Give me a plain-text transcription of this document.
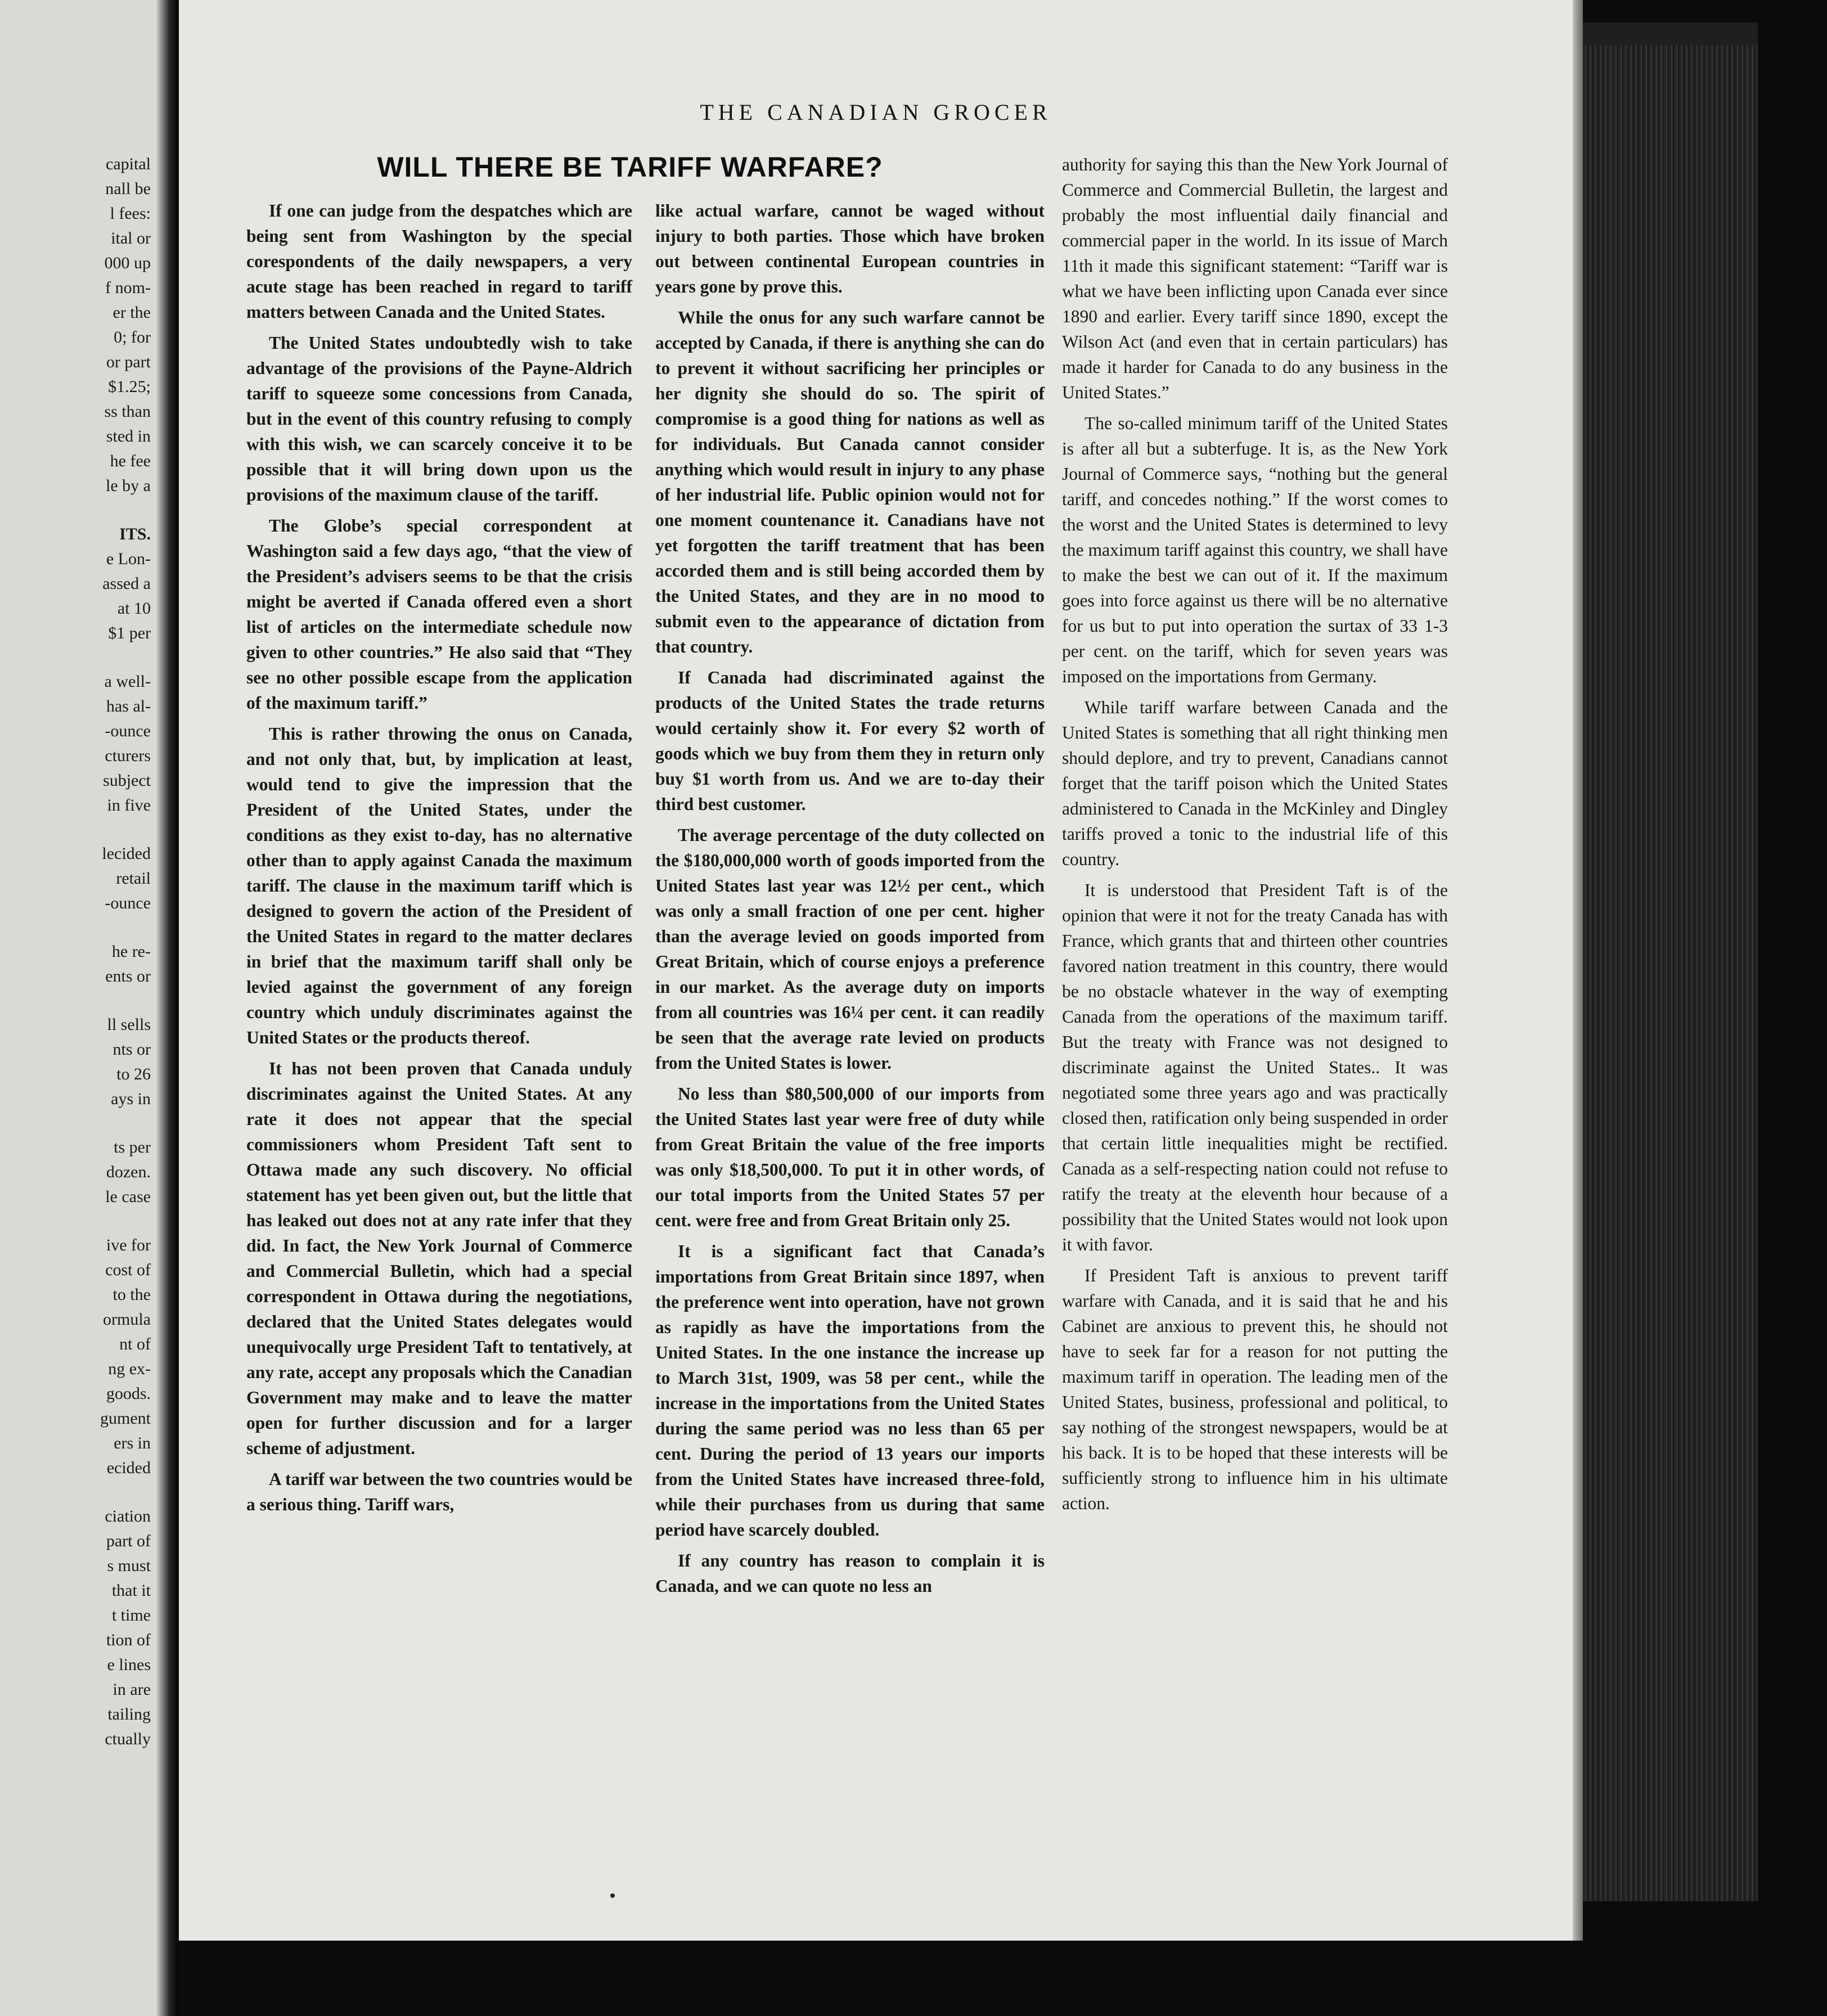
capital
nall be
l fees:
ital or
000 up
f nom-
er the
0; for
or part
$1.25;
ss than
sted in
he fee
le by a
ITS.
e Lon-
assed a
at 10
$1 per
a well-
has al-
-ounce
cturers
subject
in five
lecided
retail
-ounce
he re-
ents or
ll sells
nts or
to 26
ays in
ts per
dozen.
le case
ive for
cost of
to the
ormula
nt of
ng ex-
goods.
gument
ers in
ecided
ciation
part of
s must
that it
t time
tion of
e lines
in are
tailing
ctually
THE CANADIAN GROCER
WILL THERE BE TARIFF WARFARE?

If one can judge from the despatches which are being sent from Washington by the special corespondents of the daily newspapers, a very acute stage has been reached in regard to tariff matters between Canada and the United States.

The United States undoubtedly wish to take advantage of the provisions of the Payne-Aldrich tariff to squeeze some concessions from Canada, but in the event of this country refusing to comply with this wish, we can scarcely conceive it to be possible that it will bring down upon us the provisions of the maximum clause of the tariff.

The Globe’s special correspondent at Washington said a few days ago, “that the view of the President’s advisers seems to be that the crisis might be averted if Canada offered even a short list of articles on the intermediate schedule now given to other countries.” He also said that “They see no other possible escape from the application of the maximum tariff.”

This is rather throwing the onus on Canada, and not only that, but, by implication at least, would tend to give the impression that the President of the United States, under the conditions as they exist to-day, has no alternative other than to apply against Canada the maximum tariff. The clause in the maximum tariff which is designed to govern the action of the President of the United States in regard to the matter declares in brief that the maximum tariff shall only be levied against the government of any foreign country which unduly discriminates against the United States or the products thereof.

It has not been proven that Canada unduly discriminates against the United States. At any rate it does not appear that the special commissioners whom President Taft sent to Ottawa made any such discovery. No official statement has yet been given out, but the little that has leaked out does not at any rate infer that they did. In fact, the New York Journal of Commerce and Commercial Bulletin, which had a special correspondent in Ottawa during the negotiations, declared that the United States delegates would unequivocally urge President Taft to tentatively, at any rate, accept any proposals which the Canadian Government may make and to leave the matter open for further discussion and for a larger scheme of adjustment.

A tariff war between the two countries would be a serious thing. Tariff wars,

like actual warfare, cannot be waged without injury to both parties. Those which have broken out between continental European countries in years gone by prove this.

While the onus for any such warfare cannot be accepted by Canada, if there is anything she can do to prevent it without sacrificing her principles or her dignity she should do so. The spirit of compromise is a good thing for nations as well as for individuals. But Canada cannot consider anything which would result in injury to any phase of her industrial life. Public opinion would not for one moment countenance it. Canadians have not yet forgotten the tariff treatment that has been accorded them and is still being accorded them by the United States, and they are in no mood to submit even to the appearance of dictation from that country.

If Canada had discriminated against the products of the United States the trade returns would certainly show it. For every $2 worth of goods which we buy from them they in return only buy $1 worth from us. And we are to-day their third best customer.

The average percentage of the duty collected on the $180,000,000 worth of goods imported from the United States last year was 12½ per cent., which was only a small fraction of one per cent. higher than the average levied on goods imported from Great Britain, which of course enjoys a preference in our market. As the average duty on imports from all countries was 16¼ per cent. it can readily be seen that the average rate levied on products from the United States is lower.

No less than $80,500,000 of our imports from the United States last year were free of duty while from Great Britain the value of the free imports was only $18,500,000. To put it in other words, of our total imports from the United States 57 per cent. were free and from Great Britain only 25.

It is a significant fact that Canada’s importations from Great Britain since 1897, when the preference went into operation, have not grown as rapidly as have the importations from the United States. In the one instance the increase up to March 31st, 1909, was 58 per cent., while the increase in the importations from the United States during the same period was no less than 65 per cent. During the period of 13 years our imports from the United States have increased three-fold, while their purchases from us during that same period have scarcely doubled.

If any country has reason to complain it is Canada, and we can quote no less an

authority for saying this than the New York Journal of Commerce and Commercial Bulletin, the largest and probably the most influential daily financial and commercial paper in the world. In its issue of March 11th it made this significant statement: “Tariff war is what we have been inflicting upon Canada ever since 1890 and earlier. Every tariff since 1890, except the Wilson Act (and even that in certain particulars) has made it harder for Canada to do any business in the United States.”

The so-called minimum tariff of the United States is after all but a subterfuge. It is, as the New York Journal of Commerce says, “nothing but the general tariff, and concedes nothing.” If the worst comes to the worst and the United States is determined to levy the maximum tariff against this country, we shall have to make the best we can out of it. If the maximum goes into force against us there will be no alternative for us but to put into operation the surtax of 33 1-3 per cent. on the tariff, which for seven years was imposed on the importations from Germany.

While tariff warfare between Canada and the United States is something that all right thinking men should deplore, and try to prevent, Canadians cannot forget that the tariff poison which the United States administered to Canada in the McKinley and Dingley tariffs proved a tonic to the industrial life of this country.

It is understood that President Taft is of the opinion that were it not for the treaty Canada has with France, which grants that and thirteen other countries favored nation treatment in this country, there would be no obstacle whatever in the way of exempting Canada from the operations of the maximum tariff. But the treaty with France was not designed to discriminate against the United States.. It was negotiated some three years ago and was practically closed then, ratification only being suspended in order that certain little inequalities might be rectified. Canada as a self-respecting nation could not refuse to ratify the treaty at the eleventh hour because of a possibility that the United States would not look upon it with favor.

If President Taft is anxious to prevent tariff warfare with Canada, and it is said that he and his Cabinet are anxious to prevent this, he should not have to seek far for a reason for not putting the maximum tariff in operation. The leading men of the United States, business, professional and political, to say nothing of the strongest newspapers, would be at his back. It is to be hoped that these interests will be sufficiently strong to influence him in his ultimate action.
